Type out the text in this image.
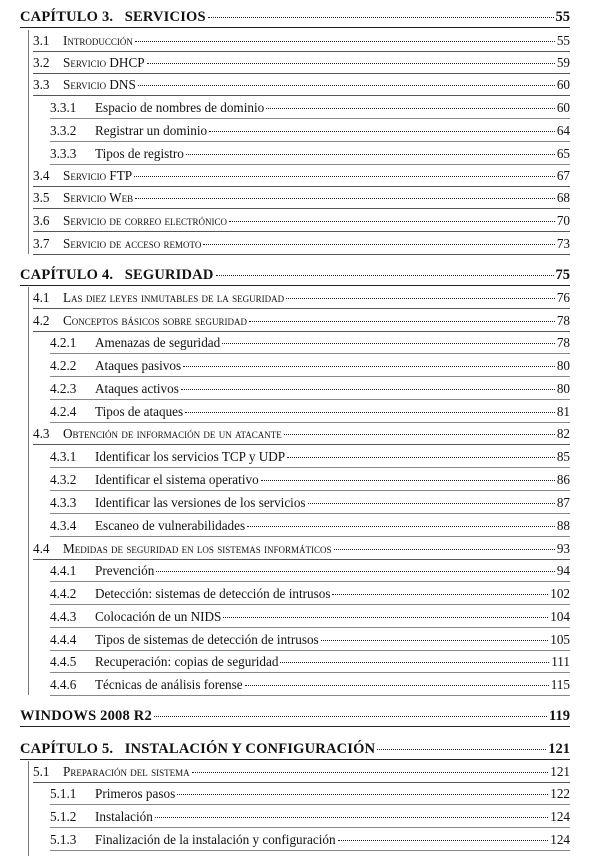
CAPÍTULO 3.   SERVICIOS	55
3.1	Introducción	55
3.2	Servicio DHCP	59
3.3	Servicio DNS	60
3.3.1	Espacio de nombres de dominio	60
3.3.2	Registrar un dominio	64
3.3.3	Tipos de registro	65
3.4	Servicio FTP	67
3.5	Servicio Web	68
3.6	Servicio de correo electrónico	70
3.7	Servicio de acceso remoto	73
CAPÍTULO 4.   SEGURIDAD	75
4.1	Las diez leyes inmutables de la seguridad	76
4.2	Conceptos básicos sobre seguridad	78
4.2.1	Amenazas de seguridad	78
4.2.2	Ataques pasivos	80
4.2.3	Ataques activos	80
4.2.4	Tipos de ataques	81
4.3	Obtención de información de un atacante	82
4.3.1	Identificar los servicios TCP y UDP	85
4.3.2	Identificar el sistema operativo	86
4.3.3	Identificar las versiones de los servicios	87
4.3.4	Escaneo de vulnerabilidades	88
4.4	Medidas de seguridad en los sistemas informáticos	93
4.4.1	Prevención	94
4.4.2	Detección: sistemas de detección de intrusos	102
4.4.3	Colocación de un NIDS	104
4.4.4	Tipos de sistemas de detección de intrusos	105
4.4.5	Recuperación: copias de seguridad	111
4.4.6	Técnicas de análisis forense	115
WINDOWS 2008 R2	119
CAPÍTULO 5.   INSTALACIÓN Y CONFIGURACIÓN	121
5.1	Preparación del sistema	121
5.1.1	Primeros pasos	122
5.1.2	Instalación	124
5.1.3	Finalización de la instalación y configuración	124
